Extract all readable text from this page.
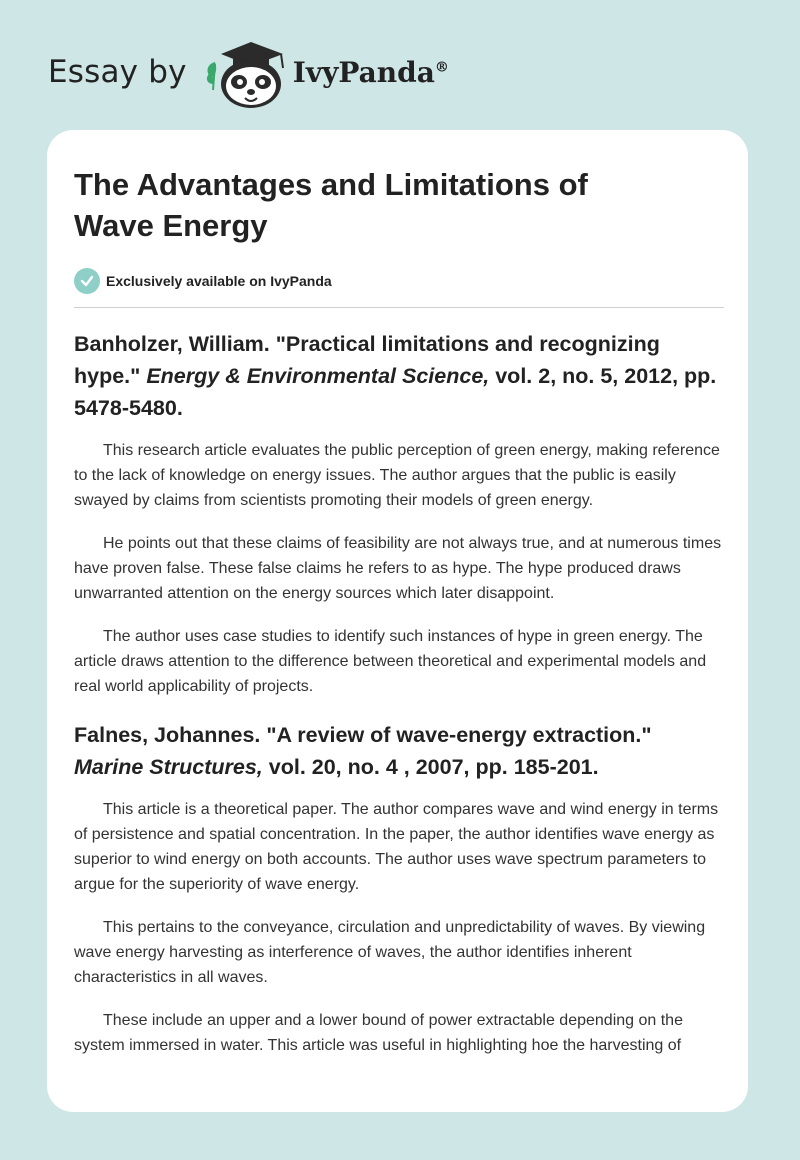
Essay by	IvyPanda®
The Advantages and Limitations of Wave Energy
Exclusively available on IvyPanda
Banholzer, William. "Practical limitations and recognizing hype." Energy & Environmental Science, vol. 2, no. 5, 2012, pp. 5478-5480.

This research article evaluates the public perception of green energy, making reference to the lack of knowledge on energy issues. The author argues that the public is easily swayed by claims from scientists promoting their models of green energy.

He points out that these claims of feasibility are not always true, and at numerous times have proven false. These false claims he refers to as hype. The hype produced draws unwarranted attention on the energy sources which later disappoint.

The author uses case studies to identify such instances of hype in green energy. The article draws attention to the difference between theoretical and experimental models and real world applicability of projects.

Falnes, Johannes. "A review of wave-energy extraction." Marine Structures, vol. 20, no. 4 , 2007, pp. 185-201.

This article is a theoretical paper. The author compares wave and wind energy in terms of persistence and spatial concentration. In the paper, the author identifies wave energy as superior to wind energy on both accounts. The author uses wave spectrum parameters to argue for the superiority of wave energy.

This pertains to the conveyance, circulation and unpredictability of waves. By viewing wave energy harvesting as interference of waves, the author identifies inherent characteristics in all waves.

These include an upper and a lower bound of power extractable depending on the system immersed in water. This article was useful in highlighting hoe the harvesting of
